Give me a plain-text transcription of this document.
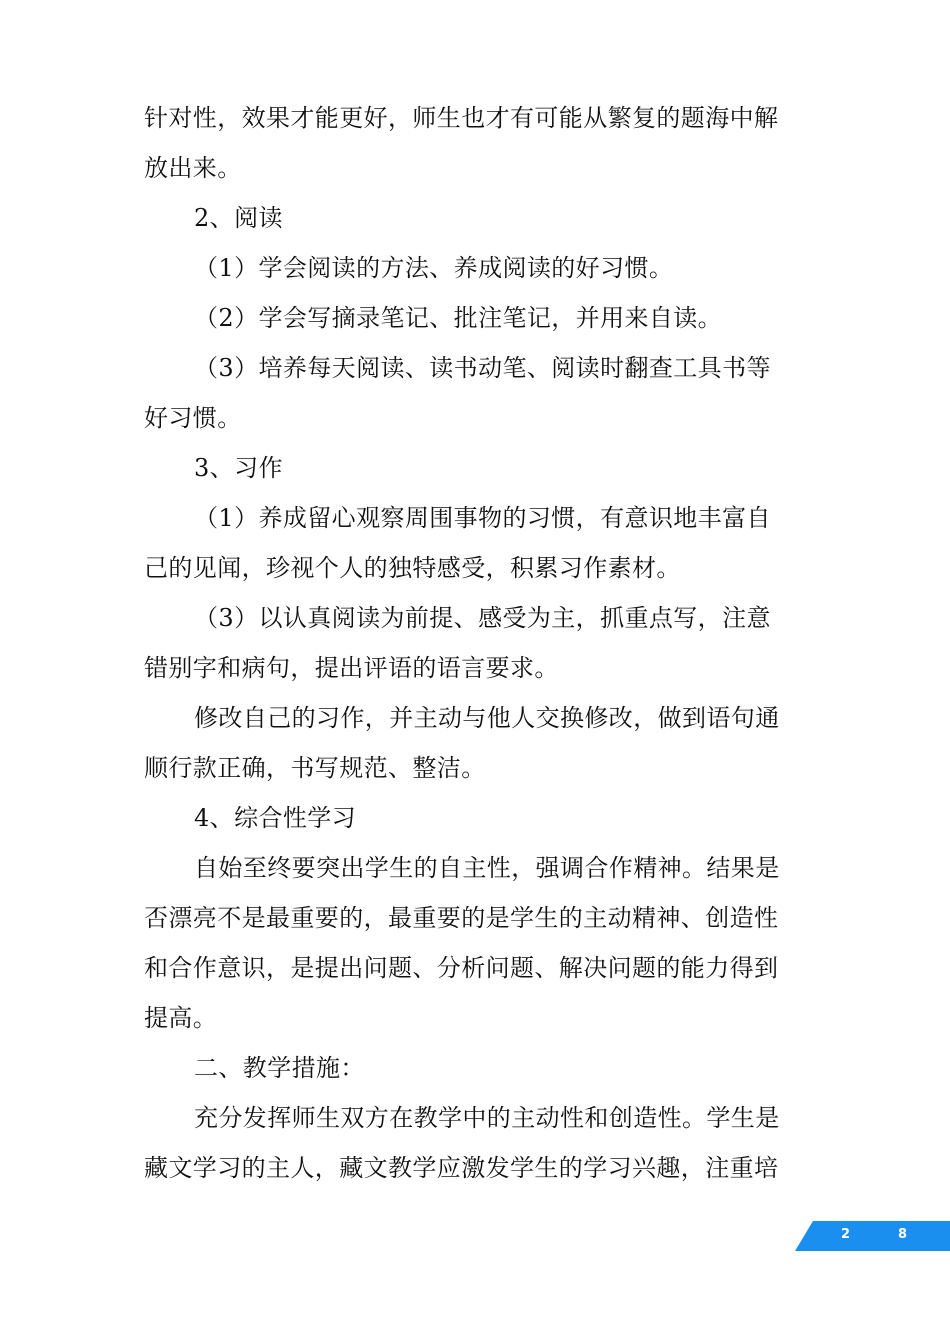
针对性，效果才能更好，师生也才有可能从繁复的题海中解
放出来。
2、阅读
（1）学会阅读的方法、养成阅读的好习惯。
（2）学会写摘录笔记、批注笔记，并用来自读。
（3）培养每天阅读、读书动笔、阅读时翻查工具书等
好习惯。
3、习作
（1）养成留心观察周围事物的习惯，有意识地丰富自
己的见闻，珍视个人的独特感受，积累习作素材。
（3）以认真阅读为前提、感受为主，抓重点写，注意
错别字和病句，提出评语的语言要求。
修改自己的习作，并主动与他人交换修改，做到语句通
顺行款正确，书写规范、整洁。
4、综合性学习
自始至终要突出学生的自主性，强调合作精神。结果是
否漂亮不是最重要的，最重要的是学生的主动精神、创造性
和合作意识，是提出问题、分析问题、解决问题的能力得到
提高。
二、教学措施：
充分发挥师生双方在教学中的主动性和创造性。学生是
藏文学习的主人，藏文教学应激发学生的学习兴趣，注重培
2	8
